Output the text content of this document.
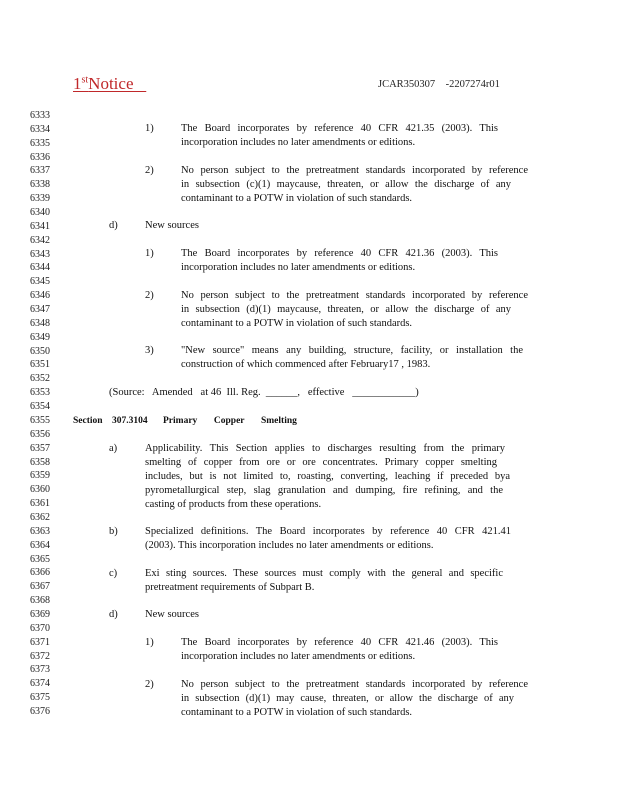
1stNotice	JCAR350307    -2207274r01
6333
6334
6335
6336
6337
6338
6339
6340
6341
6342
6343
6344
6345
6346
6347
6348
6349
6350
6351
6352
6353
6354
6355
6356
6357
6358
6359
6360
6361
6362
6363
6364
6365
6366
6367
6368
6369
6370
6371
6372
6373
6374
6375
6376
1)	The Board incorporates by reference 40 CFR 421.35 (2003). This
incorporation includes no later amendments or editions.
2)	No person subject to the pretreatment standards incorporated by reference
in subsection (c)(1) maycause, threaten, or allow the discharge of any
contaminant to a POTW in violation of such standards.
d)	New sources
1)	The Board incorporates by reference 40 CFR 421.36 (2003). This
incorporation includes no later amendments or editions.
2)	No person subject to the pretreatment standards incorporated by reference
in subsection (d)(1) maycause, threaten, or allow the discharge of any
contaminant to a POTW in violation of such standards.
3)	"New source" means any building, structure, facility, or installation the
construction of which commenced after February17 , 1983.
(Source:   Amended   at 46  Ill. Reg.  ______,   effective   ____________)
Section 307.3104 Primary       Copper       Smelting
a)	Applicability. This Section applies to discharges resulting from the primary
smelting of copper from ore or ore concentrates. Primary copper smelting
includes, but is not limited to, roasting, converting, leaching if preceded bya
pyrometallurgical step, slag granulation and dumping, fire refining, and the
casting of products from these operations.
b)	Specialized definitions. The Board incorporates by reference 40 CFR 421.41
(2003). This incorporation includes no later amendments or editions.
c)	Exi sting sources. These sources must comply with the general and specific
pretreatment requirements of Subpart B.
d)	New sources
1)	The Board incorporates by reference 40 CFR 421.46 (2003). This
incorporation includes no later amendments or editions.
2)	No person subject to the pretreatment standards incorporated by reference
in subsection (d)(1) may cause, threaten, or allow the discharge of any
contaminant to a POTW in violation of such standards.
